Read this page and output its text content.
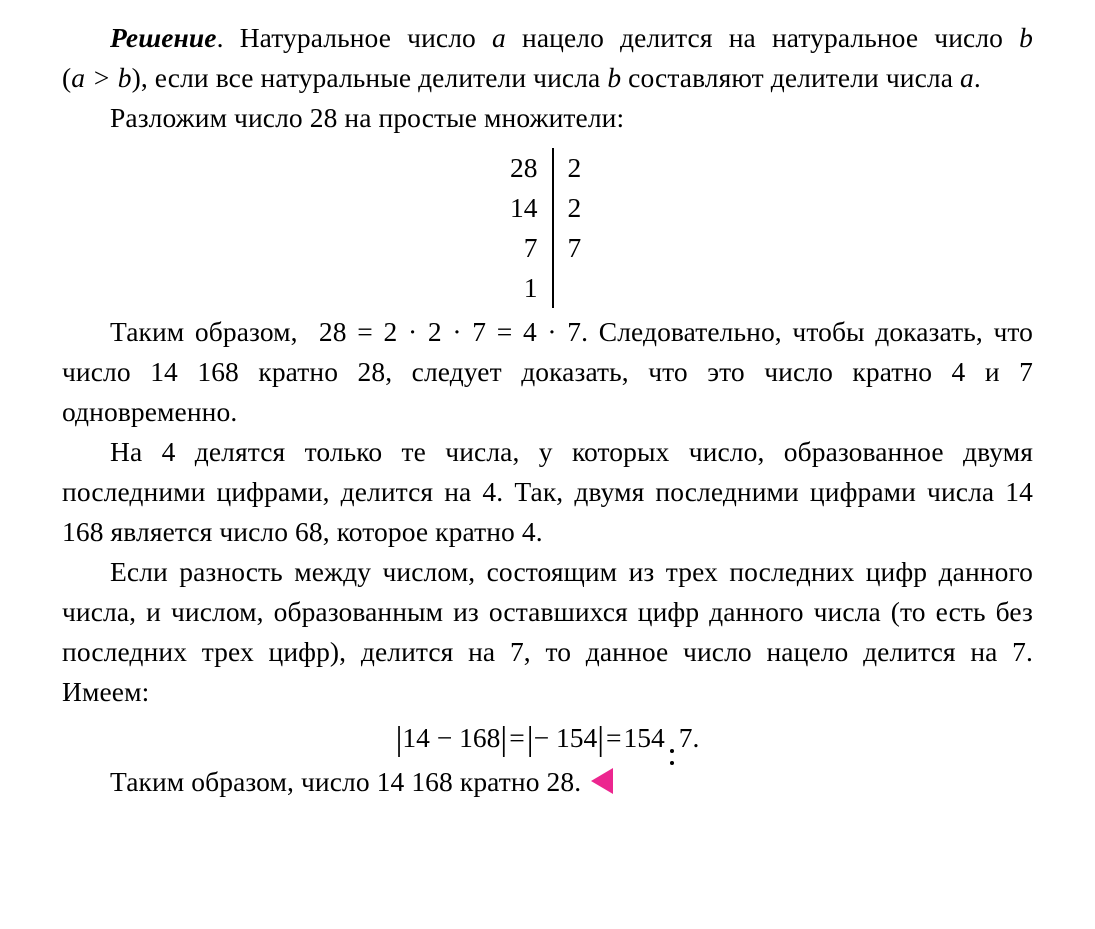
Решение. Натуральное число a нацело делится на натуральное число b (a > b), если все натуральные делители числа b составляют делители числа a.

Разложим число 28 на простые множители:

28	2
14	2
7	7
1	

Таким образом, 28 = 2 · 2 · 7 = 4 · 7. Следовательно, чтобы доказать, что число 14 168 кратно 28, следует доказать, что это число кратно 4 и 7 одновременно.

На 4 делятся только те числа, у которых число, образованное двумя последними цифрами, делится на 4. Так, двумя последними цифрами числа 14 168 является число 68, которое кратно 4.

Если разность между числом, состоящим из трех последних цифр данного числа, и числом, образованным из оставшихся цифр данного числа (то есть без последних трех цифр), делится на 7, то данное число нацело делится на 7. Имеем:

|14 − 168|=|− 154|=154 7.

Таким образом, число 14 168 кратно 28.
